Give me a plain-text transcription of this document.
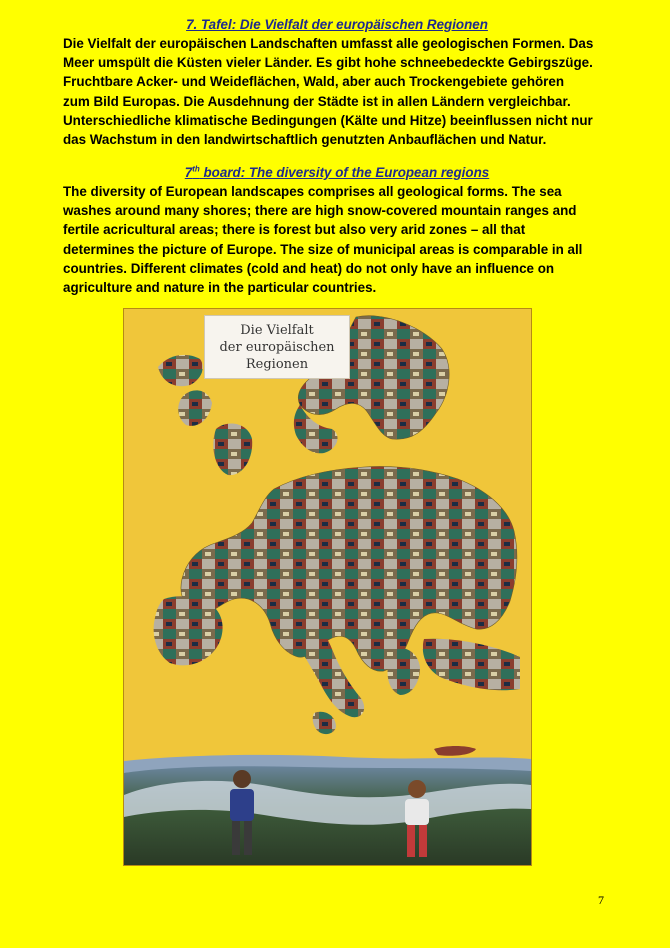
7. Tafel: Die Vielfalt der europäischen Regionen
Die Vielfalt der europäischen Landschaften umfasst alle geologischen Formen. Das
Meer umspült die Küsten vieler Länder. Es gibt hohe schneebedeckte Gebirgszüge.
Fruchtbare Acker- und Weideflächen, Wald, aber auch Trockengebiete gehören
zum Bild Europas. Die Ausdehnung der Städte ist in allen Ländern vergleichbar.
Unterschiedliche klimatische Bedingungen (Kälte und Hitze) beeinflussen nicht nur
das Wachstum in den landwirtschaftlich genutzten Anbauflächen und Natur.
7th board: The diversity of the European regions
The diversity of European landscapes comprises all geological forms. The sea
washes around many shores; there are high snow-covered mountain ranges and
fertile acricultural areas; there is forest but also very arid zones – all that
determines the picture of Europe. The size of municipal areas is comparable in all
countries. Different climates (cold and heat) do not only have an influence on
agriculture and nature in the particular countries.
Die Vielfalt
der europäischen
Regionen
7
